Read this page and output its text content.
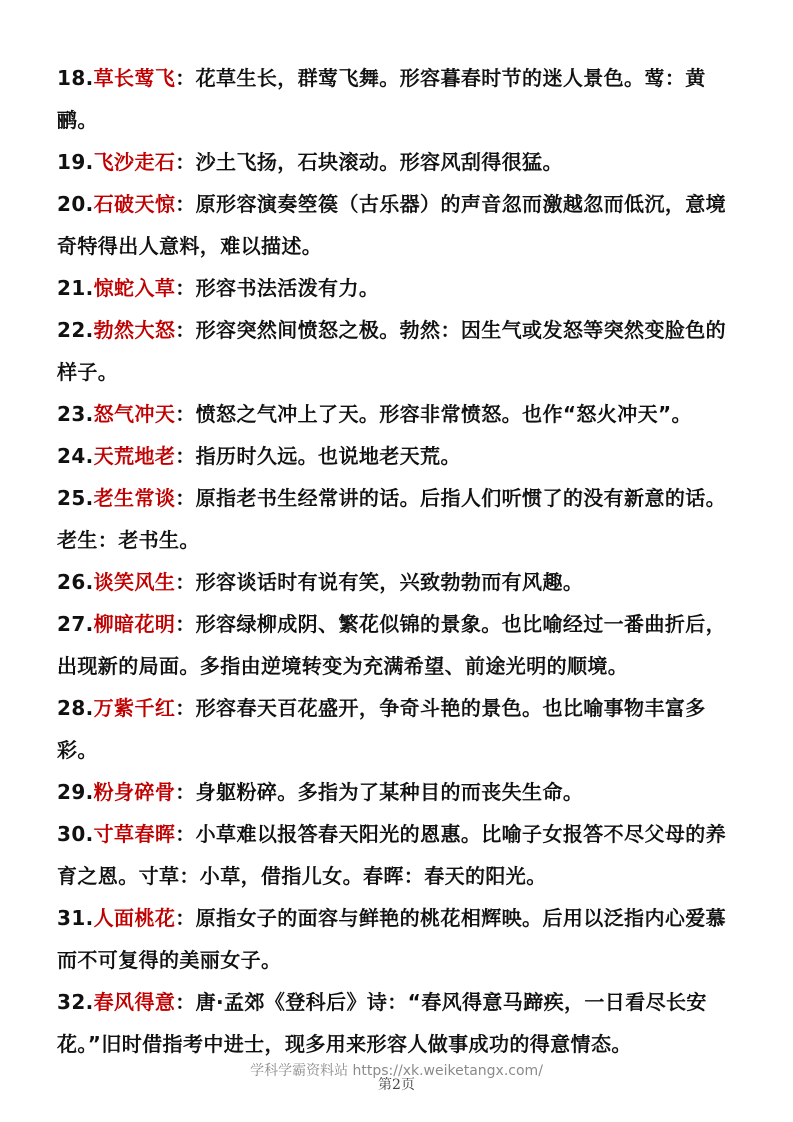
18.草长莺飞：花草生长，群莺飞舞。形容暮春时节的迷人景色。莺：黄鹂。

19.飞沙走石：沙土飞扬，石块滚动。形容风刮得很猛。

20.石破天惊：原形容演奏箜篌（古乐器）的声音忽而激越忽而低沉，意境奇特得出人意料，难以描述。

21.惊蛇入草：形容书法活泼有力。

22.勃然大怒：形容突然间愤怒之极。勃然：因生气或发怒等突然变脸色的样子。

23.怒气冲天：愤怒之气冲上了天。形容非常愤怒。也作“怒火冲天”。

24.天荒地老：指历时久远。也说地老天荒。

25.老生常谈：原指老书生经常讲的话。后指人们听惯了的没有新意的话。老生：老书生。

26.谈笑风生：形容谈话时有说有笑，兴致勃勃而有风趣。

27.柳暗花明：形容绿柳成阴、繁花似锦的景象。也比喻经过一番曲折后，出现新的局面。多指由逆境转变为充满希望、前途光明的顺境。

28.万紫千红：形容春天百花盛开，争奇斗艳的景色。也比喻事物丰富多彩。

29.粉身碎骨：身躯粉碎。多指为了某种目的而丧失生命。

30.寸草春晖：小草难以报答春天阳光的恩惠。比喻子女报答不尽父母的养育之恩。寸草：小草，借指儿女。春晖：春天的阳光。

31.人面桃花：原指女子的面容与鲜艳的桃花相辉映。后用以泛指内心爱慕而不可复得的美丽女子。

32.春风得意：唐·孟郊《登科后》诗：“春风得意马蹄疾，一日看尽长安花。”旧时借指考中进士，现多用来形容人做事成功的得意情态。

学科学霸资料站 https://xk.weiketangx.com/
第2页
